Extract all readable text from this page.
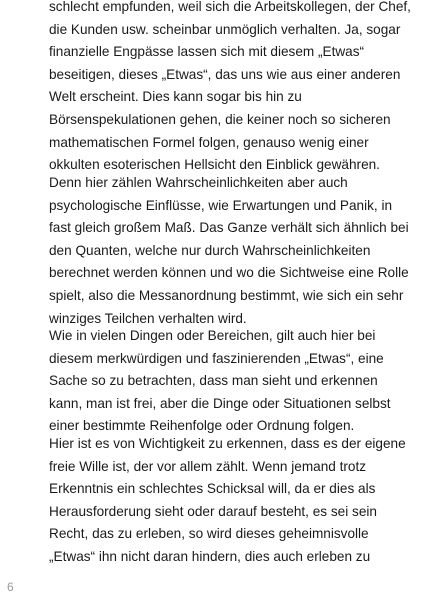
schlecht empfunden, weil sich die Arbeitskollegen, der Chef,
die Kunden usw. scheinbar unmöglich verhalten. Ja, sogar
finanzielle Engpässe lassen sich mit diesem „Etwas“
beseitigen, dieses „Etwas“, das uns wie aus einer anderen
Welt erscheint. Dies kann sogar bis hin zu
Börsenspekulationen gehen, die keiner noch so sicheren
mathematischen Formel folgen, genauso wenig einer
okkulten esoterischen Hellsicht den Einblick gewähren.
Denn hier zählen Wahrscheinlichkeiten aber auch
psychologische Einflüsse, wie Erwartungen und Panik, in
fast gleich großem Maß. Das Ganze verhält sich ähnlich bei
den Quanten, welche nur durch Wahrscheinlichkeiten
berechnet werden können und wo die Sichtweise eine Rolle
spielt, also die Messanordnung bestimmt, wie sich ein sehr
winziges Teilchen verhalten wird.
Wie in vielen Dingen oder Bereichen, gilt auch hier bei
diesem merkwürdigen und faszinierenden „Etwas“, eine
Sache so zu betrachten, dass man sieht und erkennen
kann, man ist frei, aber die Dinge oder Situationen selbst
einer bestimmte Reihenfolge oder Ordnung folgen.
Hier ist es von Wichtigkeit zu erkennen, dass es der eigene
freie Wille ist, der vor allem zählt. Wenn jemand trotz
Erkenntnis ein schlechtes Schicksal will, da er dies als
Herausforderung sieht oder darauf besteht, es sei sein
Recht, das zu erleben, so wird dieses geheimnisvolle
„Etwas“ ihn nicht daran hindern, dies auch erleben zu

6
